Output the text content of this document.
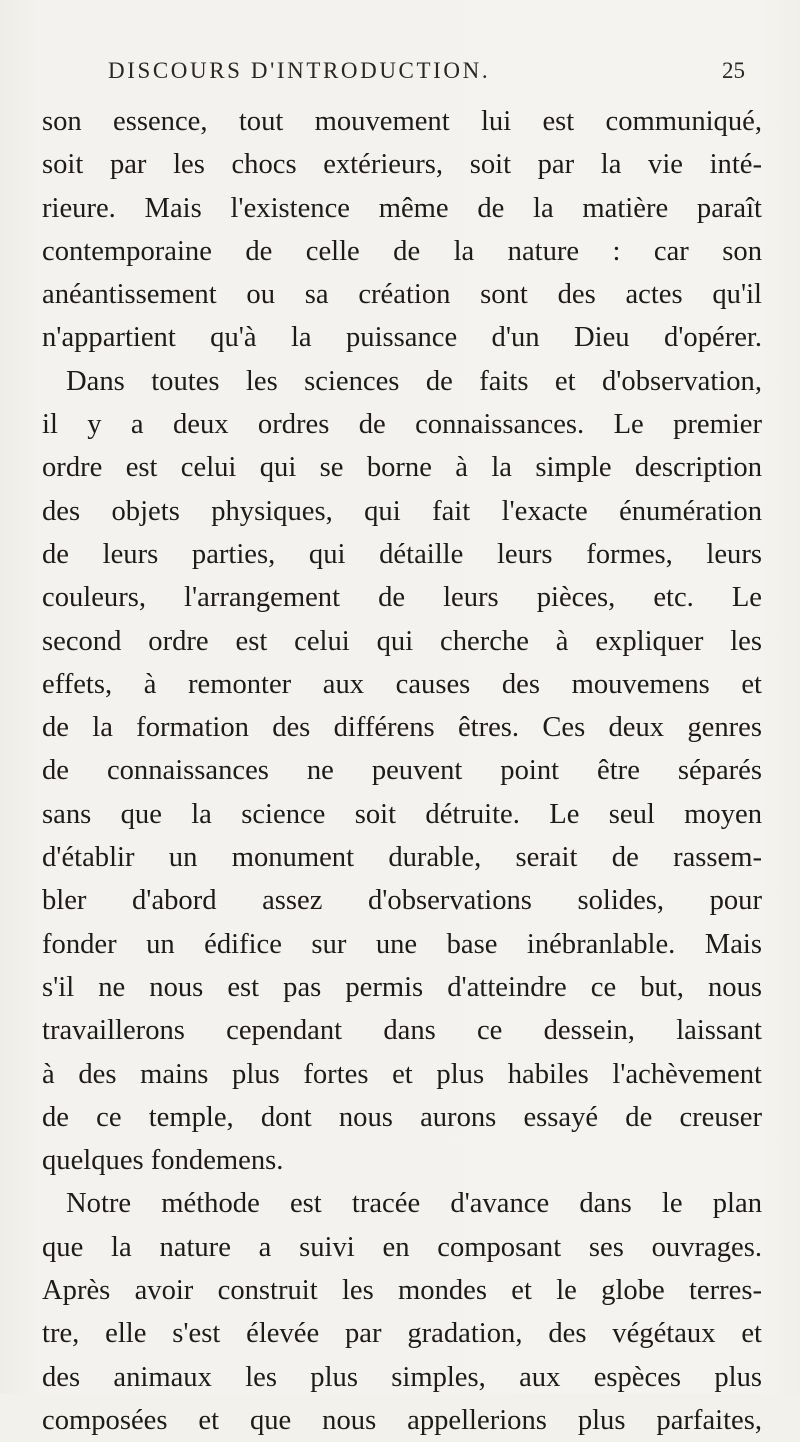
DISCOURS D'INTRODUCTION.	25
son essence, tout mouvement lui est communiqué,
soit par les chocs extérieurs, soit par la vie inté-
rieure. Mais l'existence même de la matière paraît
contemporaine de celle de la nature : car son
anéantissement ou sa création sont des actes qu'il
n'appartient qu'à la puissance d'un Dieu d'opérer.
Dans toutes les sciences de faits et d'observation,
il y a deux ordres de connaissances. Le premier
ordre est celui qui se borne à la simple description
des objets physiques, qui fait l'exacte énumération
de leurs parties, qui détaille leurs formes, leurs
couleurs, l'arrangement de leurs pièces, etc. Le
second ordre est celui qui cherche à expliquer les
effets, à remonter aux causes des mouvemens et
de la formation des différens êtres. Ces deux genres
de connaissances ne peuvent point être séparés
sans que la science soit détruite. Le seul moyen
d'établir un monument durable, serait de rassem-
bler d'abord assez d'observations solides, pour
fonder un édifice sur une base inébranlable. Mais
s'il ne nous est pas permis d'atteindre ce but, nous
travaillerons cependant dans ce dessein, laissant
à des mains plus fortes et plus habiles l'achèvement
de ce temple, dont nous aurons essayé de creuser
quelques fondemens.
Notre méthode est tracée d'avance dans le plan
que la nature a suivi en composant ses ouvrages.
Après avoir construit les mondes et le globe terres-
tre, elle s'est élevée par gradation, des végétaux et
des animaux les plus simples, aux espèces plus
composées et que nous appellerions plus parfaites,
